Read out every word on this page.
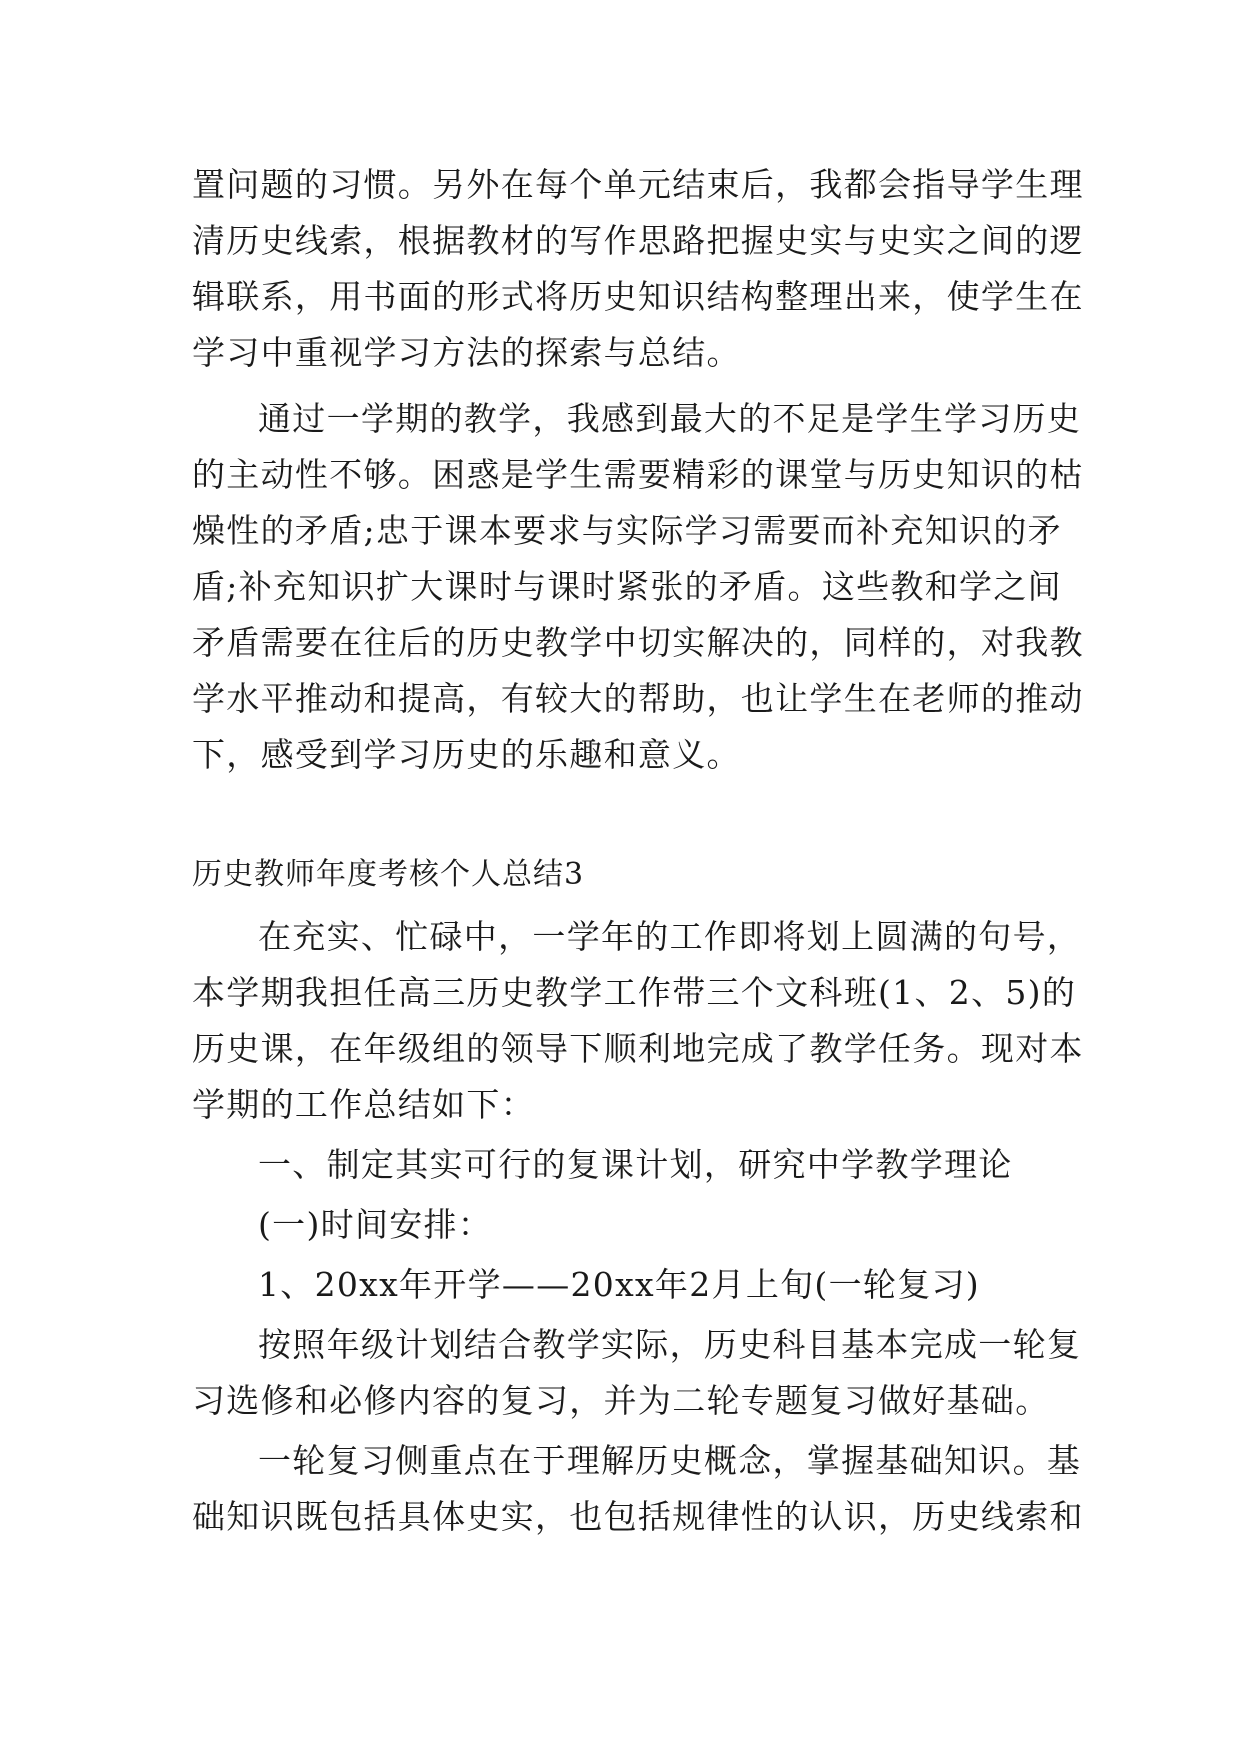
置问题的习惯。另外在每个单元结束后，我都会指导学生理
清历史线索，根据教材的写作思路把握史实与史实之间的逻
辑联系，用书面的形式将历史知识结构整理出来，使学生在
学习中重视学习方法的探索与总结。
通过一学期的教学，我感到最大的不足是学生学习历史
的主动性不够。困惑是学生需要精彩的课堂与历史知识的枯
燥性的矛盾;忠于课本要求与实际学习需要而补充知识的矛
盾;补充知识扩大课时与课时紧张的矛盾。这些教和学之间
矛盾需要在往后的历史教学中切实解决的，同样的，对我教
学水平推动和提高，有较大的帮助，也让学生在老师的推动
下，感受到学习历史的乐趣和意义。
历史教师年度考核个人总结3
在充实、忙碌中，一学年的工作即将划上圆满的句号，
本学期我担任高三历史教学工作带三个文科班(1、2、5)的
历史课，在年级组的领导下顺利地完成了教学任务。现对本
学期的工作总结如下：
一、制定其实可行的复课计划，研究中学教学理论
(一)时间安排：
1、20xx年开学——20xx年2月上旬(一轮复习)
按照年级计划结合教学实际，历史科目基本完成一轮复
习选修和必修内容的复习，并为二轮专题复习做好基础。
一轮复习侧重点在于理解历史概念，掌握基础知识。基
础知识既包括具体史实，也包括规律性的认识，历史线索和
